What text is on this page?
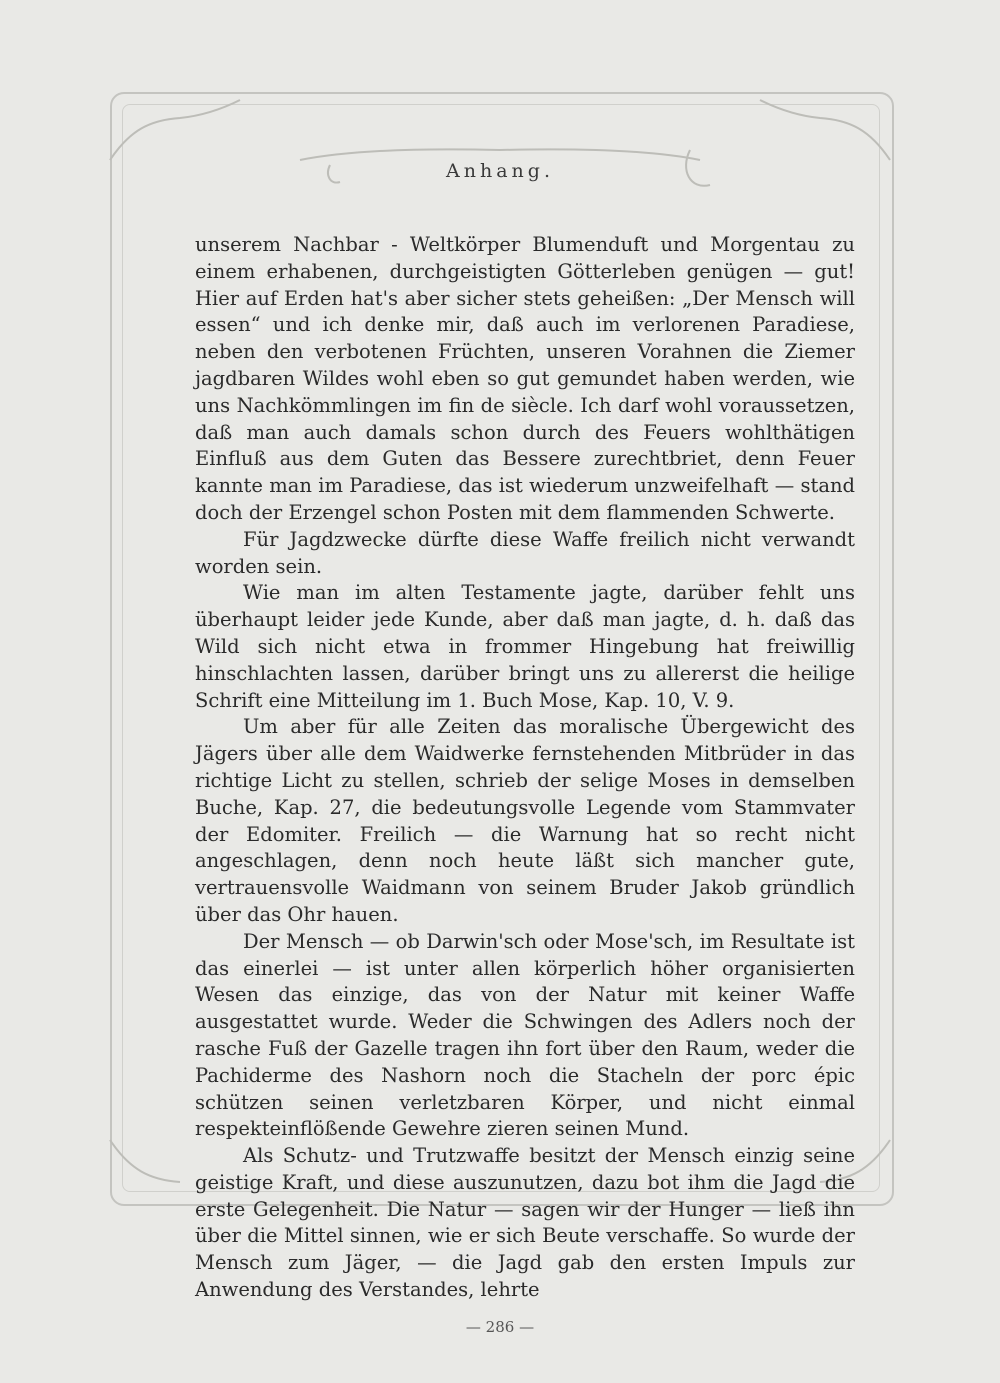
Anhang.

unserem Nachbar - Weltkörper Blumenduft und Morgentau zu einem erhabenen, durchgeistigten Götterleben genügen — gut! Hier auf Erden hat's aber sicher stets geheißen: „Der Mensch will essen“ und ich denke mir, daß auch im verlorenen Paradiese, neben den verbotenen Früchten, unseren Vorahnen die Ziemer jagdbaren Wildes wohl eben so gut gemundet haben werden, wie uns Nachkömmlingen im fin de siècle. Ich darf wohl voraussetzen, daß man auch damals schon durch des Feuers wohlthätigen Einfluß aus dem Guten das Bessere zurechtbriet, denn Feuer kannte man im Paradiese, das ist wiederum unzweifelhaft — stand doch der Erzengel schon Posten mit dem flammenden Schwerte.

Für Jagdzwecke dürfte diese Waffe freilich nicht verwandt worden sein.

Wie man im alten Testamente jagte, darüber fehlt uns überhaupt leider jede Kunde, aber daß man jagte, d. h. daß das Wild sich nicht etwa in frommer Hingebung hat freiwillig hinschlachten lassen, darüber bringt uns zu allererst die heilige Schrift eine Mitteilung im 1. Buch Mose, Kap. 10, V. 9.

Um aber für alle Zeiten das moralische Übergewicht des Jägers über alle dem Waidwerke fernstehenden Mitbrüder in das richtige Licht zu stellen, schrieb der selige Moses in demselben Buche, Kap. 27, die bedeutungsvolle Legende vom Stammvater der Edomiter. Freilich — die Warnung hat so recht nicht angeschlagen, denn noch heute läßt sich mancher gute, vertrauensvolle Waidmann von seinem Bruder Jakob gründlich über das Ohr hauen.

Der Mensch — ob Darwin'sch oder Mose'sch, im Resultate ist das einerlei — ist unter allen körperlich höher organisierten Wesen das einzige, das von der Natur mit keiner Waffe ausgestattet wurde. Weder die Schwingen des Adlers noch der rasche Fuß der Gazelle tragen ihn fort über den Raum, weder die Pachiderme des Nashorn noch die Stacheln der porc épic schützen seinen verletzbaren Körper, und nicht einmal respekteinflößende Gewehre zieren seinen Mund.

Als Schutz- und Trutzwaffe besitzt der Mensch einzig seine geistige Kraft, und diese auszunutzen, dazu bot ihm die Jagd die erste Gelegenheit. Die Natur — sagen wir der Hunger — ließ ihn über die Mittel sinnen, wie er sich Beute verschaffe. So wurde der Mensch zum Jäger, — die Jagd gab den ersten Impuls zur Anwendung des Verstandes, lehrte

— 286 —
